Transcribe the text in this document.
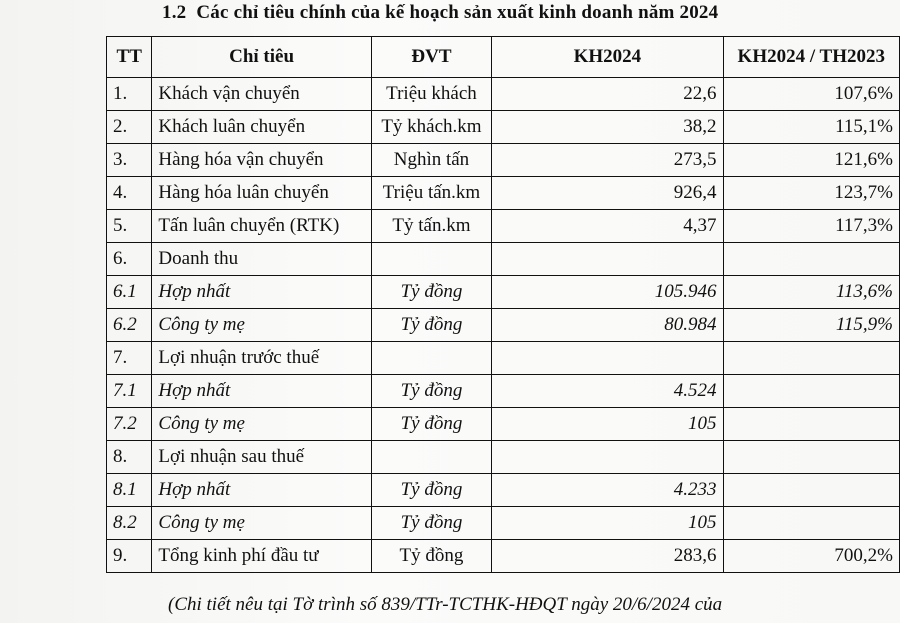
1.2 Các chỉ tiêu chính của kế hoạch sản xuất kinh doanh năm 2024
TT	Chỉ tiêu	ĐVT	KH2024	KH2024 / TH2023
1.	Khách vận chuyển	Triệu khách	22,6	107,6%
2.	Khách luân chuyển	Tỷ khách.km	38,2	115,1%
3.	Hàng hóa vận chuyển	Nghìn tấn	273,5	121,6%
4.	Hàng hóa luân chuyển	Triệu tấn.km	926,4	123,7%
5.	Tấn luân chuyển (RTK)	Tỷ tấn.km	4,37	117,3%
6.	Doanh thu			
6.1	Hợp nhất	Tỷ đồng	105.946	113,6%
6.2	Công ty mẹ	Tỷ đồng	80.984	115,9%
7.	Lợi nhuận trước thuế			
7.1	Hợp nhất	Tỷ đồng	4.524	
7.2	Công ty mẹ	Tỷ đồng	105	
8.	Lợi nhuận sau thuế			
8.1	Hợp nhất	Tỷ đồng	4.233	
8.2	Công ty mẹ	Tỷ đồng	105	
9.	Tổng kinh phí đầu tư	Tỷ đồng	283,6	700,2%
(Chi tiết nêu tại Tờ trình số 839/TTr-TCTHK-HĐQT ngày 20/6/2024 của
